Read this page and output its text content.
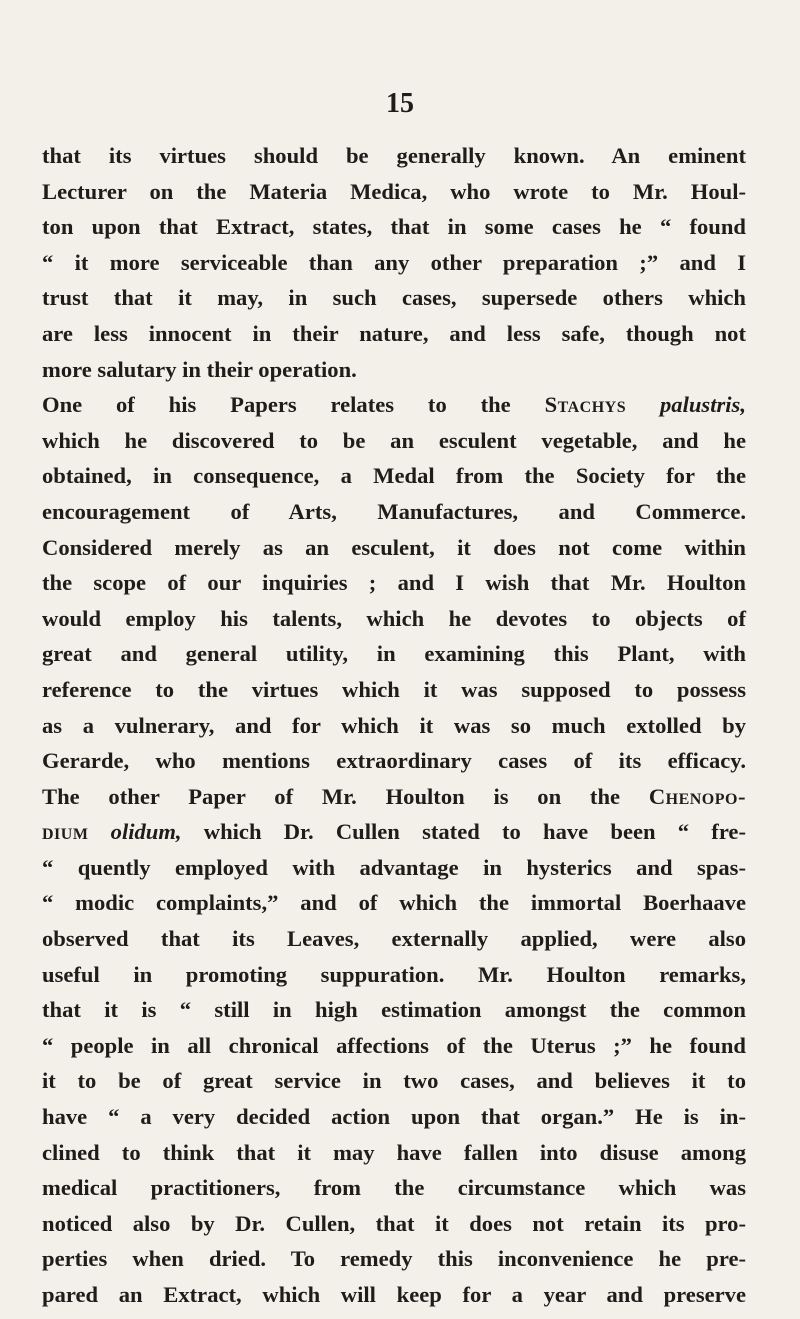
15
that its virtues should be generally known. An eminent
Lecturer on the Materia Medica, who wrote to Mr. Houl-
ton upon that Extract, states, that in some cases he “ found
“ it more serviceable than any other preparation ;” and I
trust that it may, in such cases, supersede others which
are less innocent in their nature, and less safe, though not
more salutary in their operation.
One of his Papers relates to the Stachys palustris,
which he discovered to be an esculent vegetable, and he
obtained, in consequence, a Medal from the Society for the
encouragement of Arts, Manufactures, and Commerce.
Considered merely as an esculent, it does not come within
the scope of our inquiries ; and I wish that Mr. Houlton
would employ his talents, which he devotes to objects of
great and general utility, in examining this Plant, with
reference to the virtues which it was supposed to possess
as a vulnerary, and for which it was so much extolled by
Gerarde, who mentions extraordinary cases of its efficacy.
The other Paper of Mr. Houlton is on the Chenopo-
dium olidum, which Dr. Cullen stated to have been “ fre-
“ quently employed with advantage in hysterics and spas-
“ modic complaints,” and of which the immortal Boerhaave
observed that its Leaves, externally applied, were also
useful in promoting suppuration. Mr. Houlton remarks,
that it is “ still in high estimation amongst the common
“ people in all chronical affections of the Uterus ;” he found
it to be of great service in two cases, and believes it to
have “ a very decided action upon that organ.” He is in-
clined to think that it may have fallen into disuse among
medical practitioners, from the circumstance which was
noticed also by Dr. Cullen, that it does not retain its pro-
perties when dried. To remedy this inconvenience he pre-
pared an Extract, which will keep for a year and preserve
